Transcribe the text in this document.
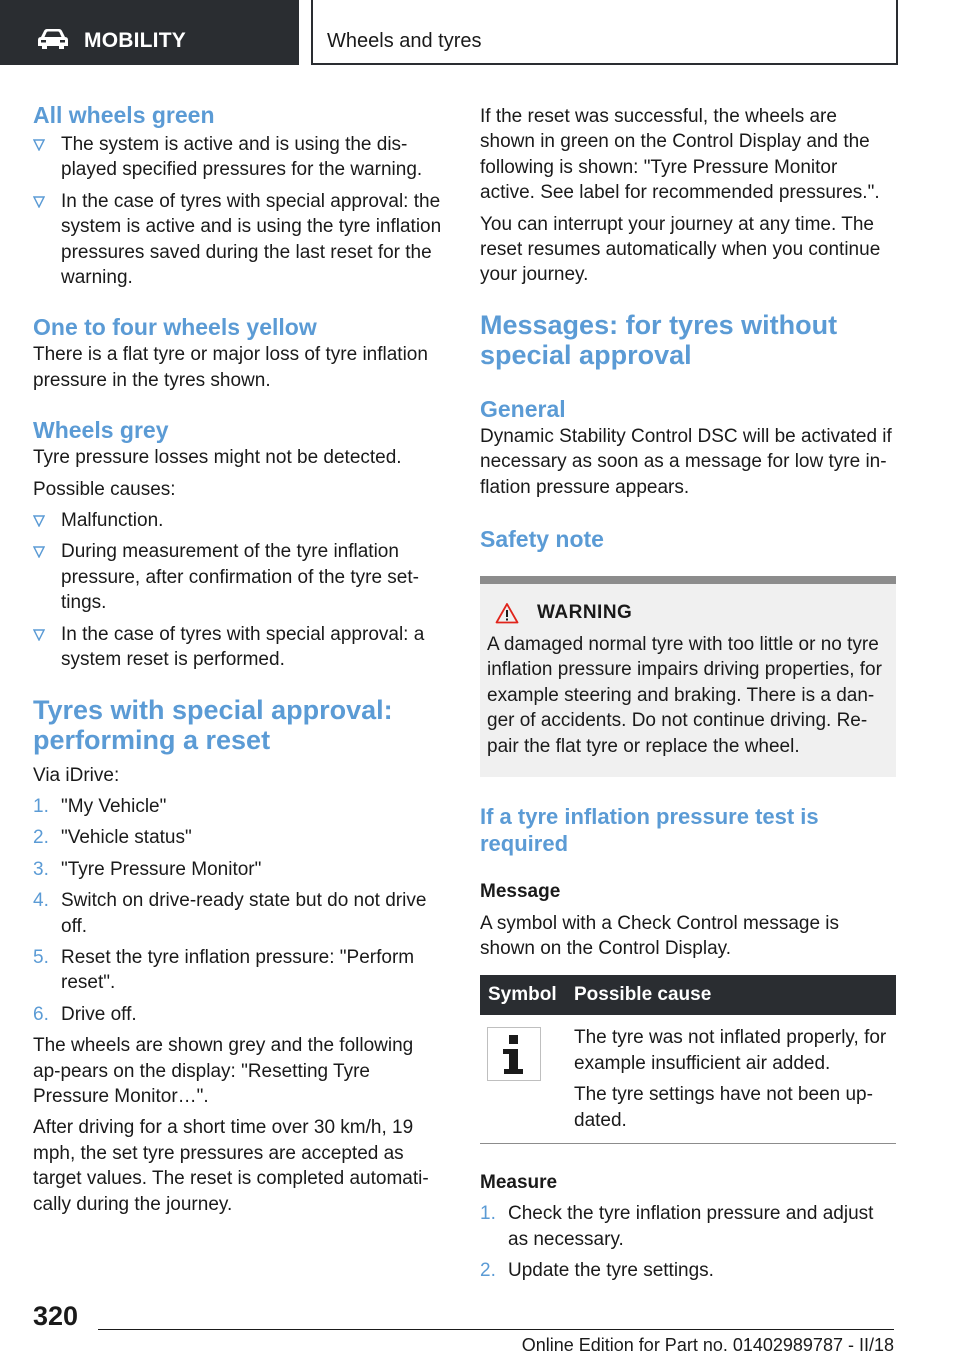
MOBILITY	Wheels and tyres
All wheels green
The system is active and is using the dis-played specified pressures for the warning.
In the case of tyres with special approval: the system is active and is using the tyre inflation pressures saved during the last reset for the warning.
One to four wheels yellow

There is a flat tyre or major loss of tyre inflation pressure in the tyres shown.

Wheels grey

Tyre pressure losses might not be detected.

Possible causes:

Malfunction.
During measurement of the tyre inflation pressure, after confirmation of the tyre set-tings.
In the case of tyres with special approval: a system reset is performed.
Tyres with special approval: performing a reset

Via iDrive:

1. "My Vehicle"
2. "Vehicle status"
3. "Tyre Pressure Monitor"
4. Switch on drive-ready state but do not drive off.
5. Reset the tyre inflation pressure: "Perform reset".
6. Drive off.

The wheels are shown grey and the following ap-pears on the display: "Resetting Tyre Pressure Monitor…".

After driving for a short time over 30 km/h, 19 mph, the set tyre pressures are accepted as target values. The reset is completed automati-cally during the journey.

If the reset was successful, the wheels are shown in green on the Control Display and the following is shown: "Tyre Pressure Monitor active. See label for recommended pressures.".

You can interrupt your journey at any time. The reset resumes automatically when you continue your journey.

Messages: for tyres without special approval
General

Dynamic Stability Control DSC will be activated if necessary as soon as a message for low tyre in-flation pressure appears.

Safety note
WARNING

A damaged normal tyre with too little or no tyre inflation pressure impairs driving properties, for example steering and braking. There is a dan-ger of accidents. Do not continue driving. Re-pair the flat tyre or replace the wheel.

If a tyre inflation pressure test is required

Message

A symbol with a Check Control message is shown on the Control Display.

Symbol	Possible cause

The tyre was not inflated properly, for example insufficient air added.

The tyre settings have not been up-dated.

Measure

1. Check the tyre inflation pressure and adjust as necessary.
2. Update the tyre settings.
320
Online Edition for Part no. 01402989787 - II/18
